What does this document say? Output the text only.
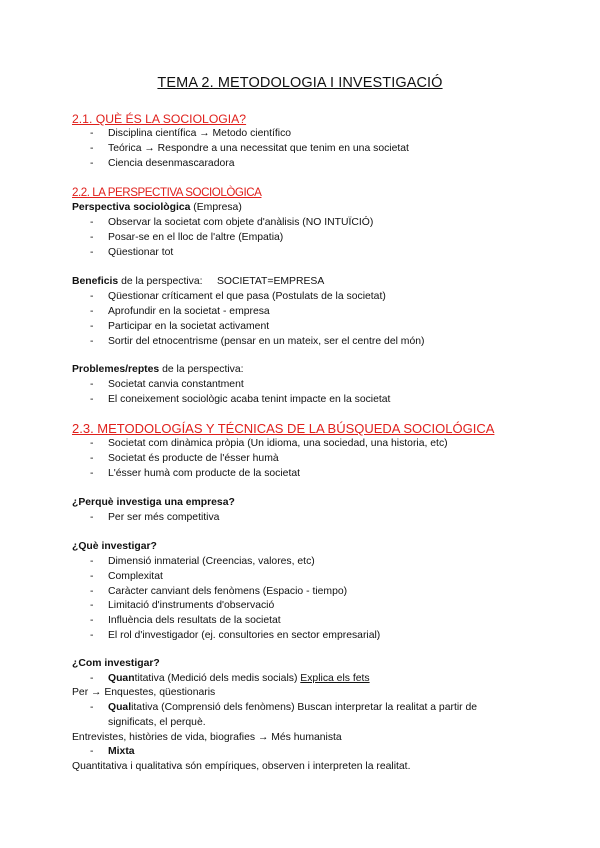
TEMA 2. METODOLOGIA I INVESTIGACIÓ
2.1. QUÈ ÉS LA SOCIOLOGIA?
- Disciplina científica → Metodo científico
- Teórica → Respondre a una necessitat que tenim en una societat
- Ciencia desenmascaradora
2.2. LA PERSPECTIVA SOCIOLÒGICA
Perspectiva sociològica (Empresa)
- Observar la societat com objete d'anàlisis (NO INTUÏCIÓ)
- Posar-se en el lloc de l'altre (Empatia)
- Qüestionar tot
Beneficis de la perspectiva:     SOCIETAT=EMPRESA
- Qüestionar críticament el que pasa (Postulats de la societat)
- Aprofundir en la societat - empresa
- Participar en la societat activament
- Sortir del etnocentrisme (pensar en un mateix, ser el centre del món)
Problemes/reptes de la perspectiva:
- Societat canvia constantment
- El coneixement sociològic acaba tenint impacte en la societat
2.3. METODOLOGÍAS Y TÉCNICAS DE LA BÚSQUEDA SOCIOLÓGICA
- Societat com dinàmica pròpia (Un idioma, una sociedad, una historia, etc)
- Societat és producte de l'ésser humà
- L'ésser humà com producte de la societat
¿Perquè investiga una empresa?
- Per ser més competitiva
¿Què investigar?
- Dimensió inmaterial (Creencias, valores, etc)
- Complexitat
- Caràcter canviant dels fenòmens (Espacio - tiempo)
- Limitació d'instruments d'observació
- Influència dels resultats de la societat
- El rol d'investigador (ej. consultories en sector empresarial)
¿Com investigar?
- Quantitativa (Medició dels medis socials) Explica els fets
Per → Enquestes, qüestionaris
- Qualitativa (Comprensió dels fenòmens) Buscan interpretar la realitat a partir de
significats, el perquè.
Entrevistes, històries de vida, biografies → Més humanista
- Mixta
Quantitativa i qualitativa són empíriques, observen i interpreten la realitat.
